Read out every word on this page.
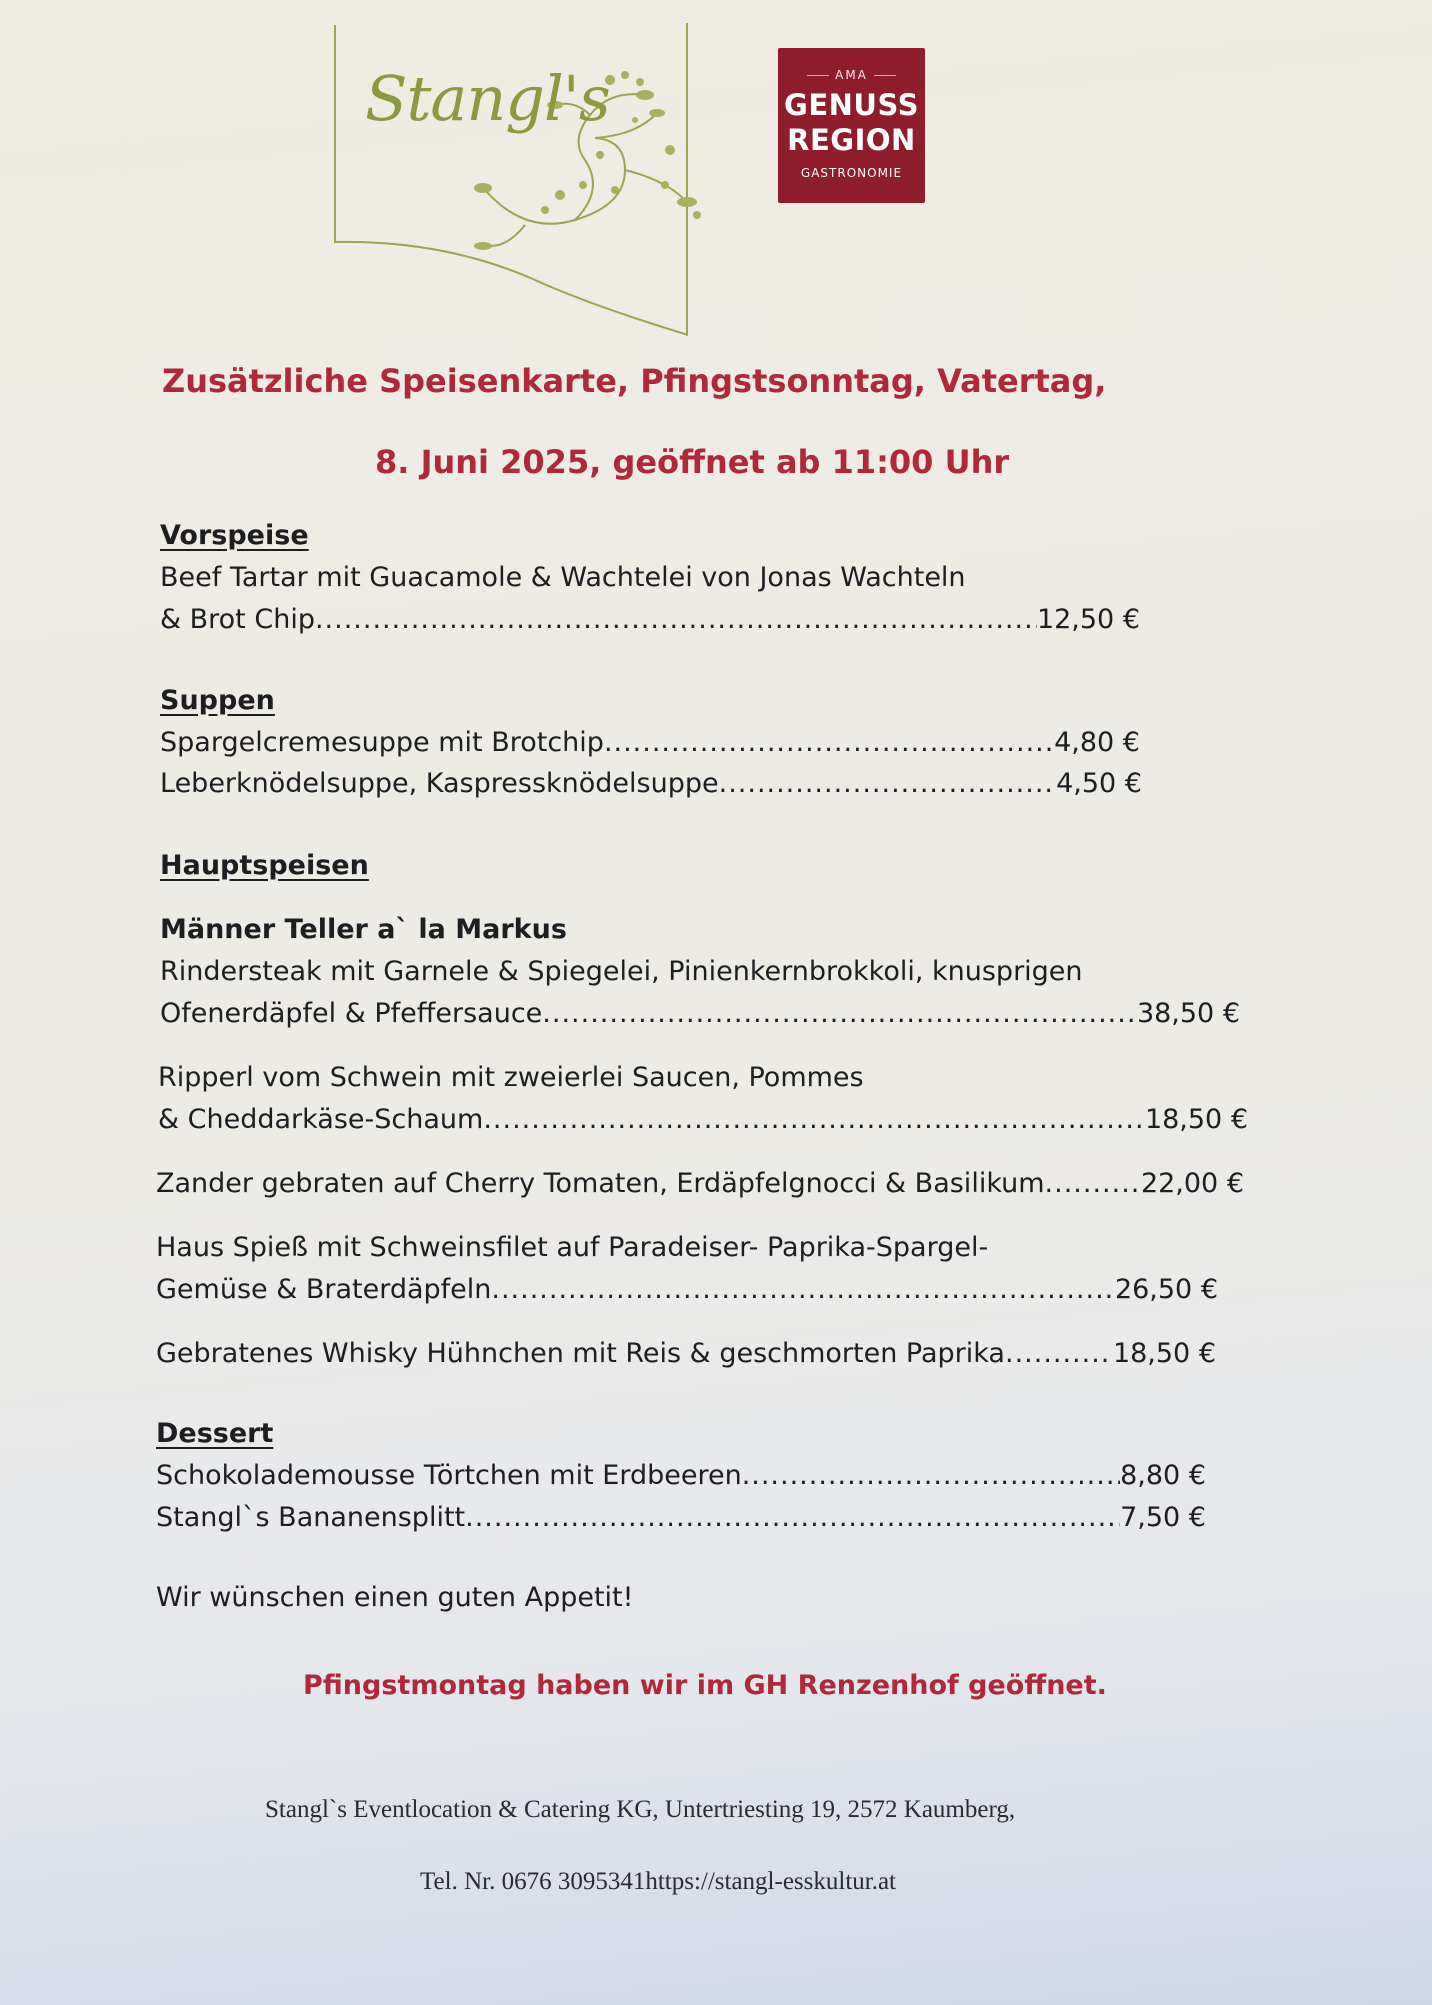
Stangl's	AMA
GENUSS
REGION
GASTRONOMIE
Zusätzliche Speisenkarte, Pfingstsonntag, Vatertag,
8. Juni 2025, geöffnet ab 11:00 Uhr
Vorspeise
Beef Tartar mit Guacamole & Wachtelei von Jonas Wachteln
& Brot Chip .....	12,50 €
Suppen
Spargelcremesuppe mit Brotchip .....	4,80 €
Leberknödelsuppe, Kaspressknödelsuppe .....	4,50 €
Hauptspeisen
Männer Teller a` la Markus
Rindersteak mit Garnele & Spiegelei, Pinienkernbrokkoli, knusprigen
Ofenerdäpfel & Pfeffersauce .....	38,50 €
Ripperl vom Schwein mit zweierlei Saucen, Pommes
& Cheddarkäse-Schaum .....	18,50 €
Zander gebraten auf Cherry Tomaten, Erdäpfelgnocci & Basilikum .....	22,00 €
Haus Spieß mit Schweinsfilet auf Paradeiser- Paprika-Spargel-
Gemüse & Braterdäpfeln .....	26,50 €
Gebratenes Whisky Hühnchen mit Reis & geschmorten Paprika .....	18,50 €
Dessert
Schokolademousse Törtchen mit Erdbeeren .....	8,80 €
Stangl`s Bananensplitt .....	7,50 €
Wir wünschen einen guten Appetit!
Pfingstmontag haben wir im GH Renzenhof geöffnet.
Stangl`s Eventlocation & Catering KG, Untertriesting 19, 2572 Kaumberg,
Tel. Nr. 0676 3095341https://stangl-esskultur.at
